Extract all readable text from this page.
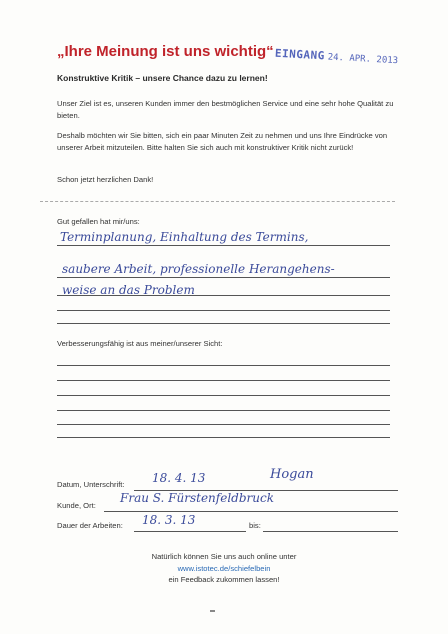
„Ihre Meinung ist uns wichtig“ EINGANG 24. APR. 2013
Konstruktive Kritik – unsere Chance dazu zu lernen!
Unser Ziel ist es, unseren Kunden immer den bestmöglichen Service und eine sehr hohe Qualität zu bieten.
Deshalb möchten wir Sie bitten, sich ein paar Minuten Zeit zu nehmen und uns Ihre Eindrücke von unserer Arbeit mitzuteilen. Bitte halten Sie sich auch mit konstruktiver Kritik nicht zurück!
Schon jetzt herzlichen Dank!
Gut gefallen hat mir/uns:
Terminplanung, Einhaltung des Termins,
saubere Arbeit, professionelle Herangehens-
weise an das Problem
Verbesserungsfähig ist aus meiner/unserer Sicht:
Datum, Unterschrift: 18. 4. 13	Hogan
Kunde, Ort:
Frau S. Fürstenfeldbruck
Dauer der Arbeiten: 18. 3. 13	bis:
Natürlich können Sie uns auch online unter
www.istotec.de/schiefelbein
ein Feedback zukommen lassen!
